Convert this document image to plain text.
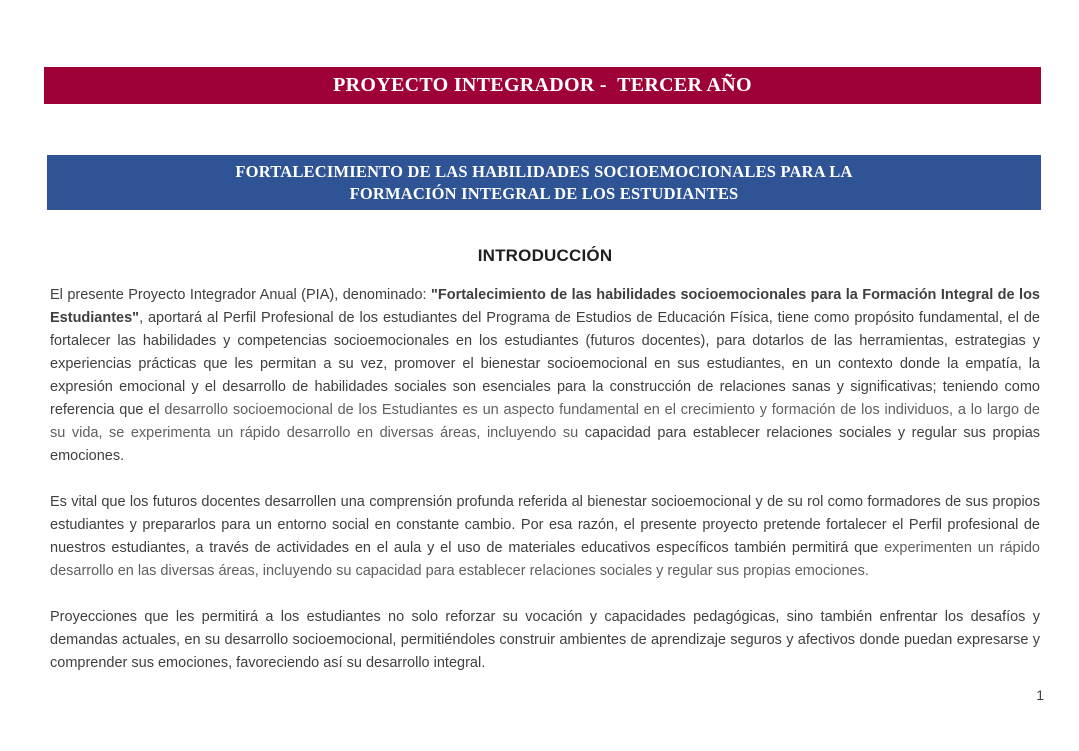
PROYECTO INTEGRADOR -  TERCER AÑO
FORTALECIMIENTO DE LAS HABILIDADES SOCIOEMOCIONALES PARA LA
FORMACIÓN INTEGRAL DE LOS ESTUDIANTES
INTRODUCCIÓN

El presente Proyecto Integrador Anual (PIA), denominado: "Fortalecimiento de las habilidades socioemocionales para la Formación Integral de los Estudiantes", aportará al Perfil Profesional de los estudiantes del Programa de Estudios de Educación Física, tiene como propósito fundamental, el de fortalecer las habilidades y competencias socioemocionales en los estudiantes (futuros docentes), para dotarlos de las herramientas, estrategias y experiencias prácticas que les permitan a su vez, promover el bienestar socioemocional en sus estudiantes, en un contexto donde la empatía, la expresión emocional y el desarrollo de habilidades sociales son esenciales para la construcción de relaciones sanas y significativas; teniendo como referencia que el desarrollo socioemocional de los Estudiantes es un aspecto fundamental en el crecimiento y formación de los individuos, a lo largo de su vida, se experimenta un rápido desarrollo en diversas áreas, incluyendo su capacidad para establecer relaciones sociales y regular sus propias emociones.

Es vital que los futuros docentes desarrollen una comprensión profunda referida al bienestar socioemocional y de su rol como formadores de sus propios estudiantes y prepararlos para un entorno social en constante cambio. Por esa razón, el presente proyecto pretende fortalecer el Perfil profesional de nuestros estudiantes, a través de actividades en el aula y el uso de materiales educativos específicos también permitirá que experimenten un rápido desarrollo en las diversas áreas, incluyendo su capacidad para establecer relaciones sociales y regular sus propias emociones.

Proyecciones que les permitirá a los estudiantes no solo reforzar su vocación y capacidades pedagógicas, sino también enfrentar los desafíos y demandas actuales, en su desarrollo socioemocional, permitiéndoles construir ambientes de aprendizaje seguros y afectivos donde puedan expresarse y comprender sus emociones, favoreciendo así su desarrollo integral.

1
